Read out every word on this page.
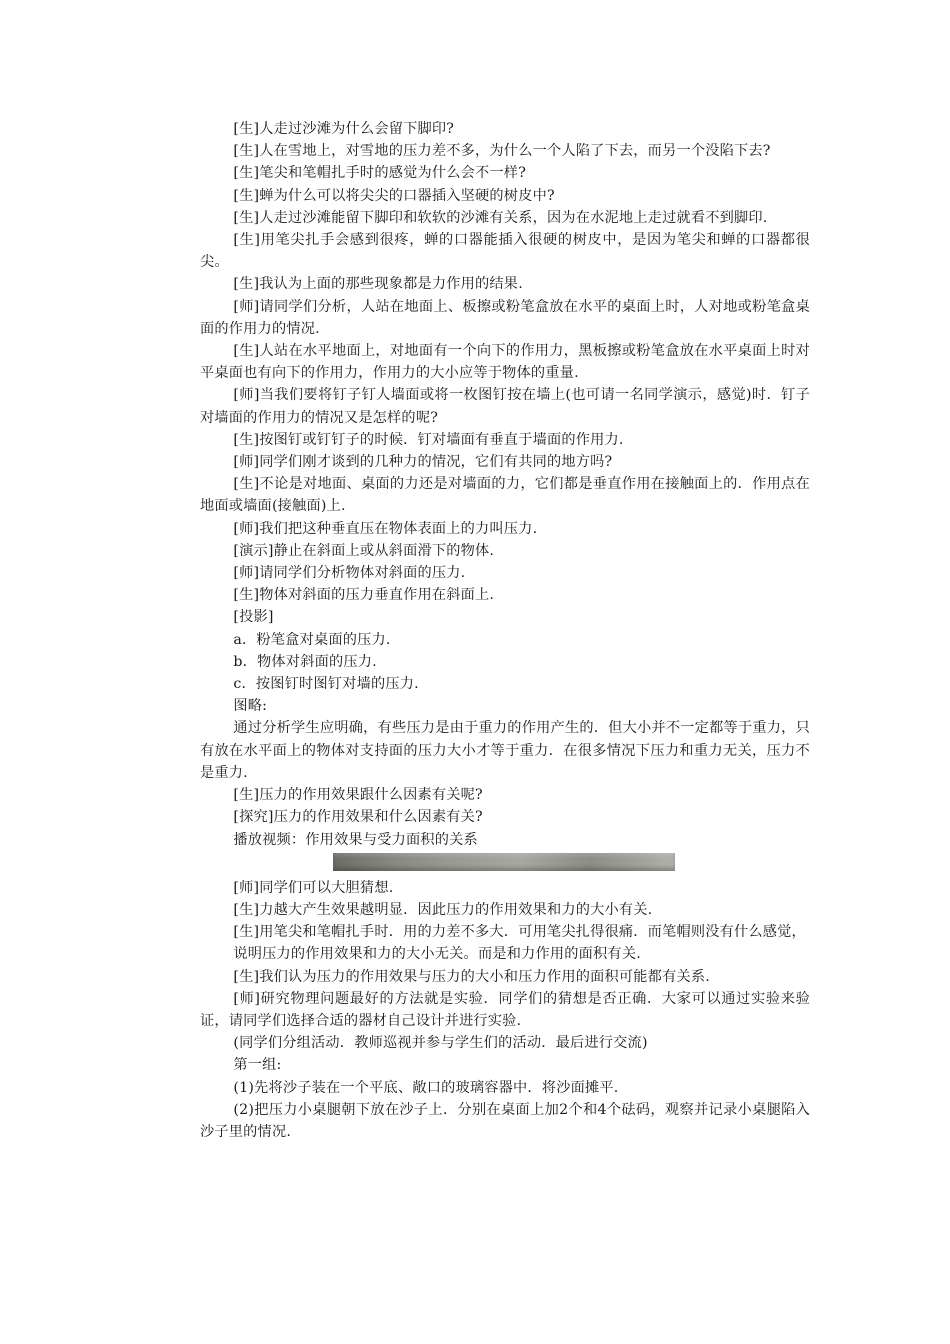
[生]人走过沙滩为什么会留下脚印?

[生]人在雪地上，对雪地的压力差不多，为什么一个人陷了下去，而另一个没陷下去?

[生]笔尖和笔帽扎手时的感觉为什么会不一样?

[生]蝉为什么可以将尖尖的口器插入坚硬的树皮中?

[生]人走过沙滩能留下脚印和软软的沙滩有关系，因为在水泥地上走过就看不到脚印.

[生]用笔尖扎手会感到很疼，蝉的口器能插入很硬的树皮中，是因为笔尖和蝉的口器都很尖。

[生]我认为上面的那些现象都是力作用的结果.

[师]请同学们分析，人站在地面上、板擦或粉笔盒放在水平的桌面上时，人对地或粉笔盒桌面的作用力的情况.

[生]人站在水平地面上，对地面有一个向下的作用力，黑板擦或粉笔盒放在水平桌面上时对平桌面也有向下的作用力，作用力的大小应等于物体的重量.

[师]当我们要将钉子钉人墙面或将一枚图钉按在墙上(也可请一名同学演示，感觉)时．钉子对墙面的作用力的情况又是怎样的呢?

[生]按图钉或钉钉子的时候．钉对墙面有垂直于墙面的作用力.

[师]同学们刚才谈到的几种力的情况，它们有共同的地方吗?

[生]不论是对地面、桌面的力还是对墙面的力，它们都是垂直作用在接触面上的．作用点在地面或墙面(接触面)上.

[师]我们把这种垂直压在物体表面上的力叫压力.

[演示]静止在斜面上或从斜面滑下的物体.

[师]请同学们分析物体对斜面的压力.

[生]物体对斜面的压力垂直作用在斜面上.

[投影]

a．粉笔盒对桌面的压力.

b．物体对斜面的压力.

c．按图钉时图钉对墙的压力.

图略:

通过分析学生应明确，有些压力是由于重力的作用产生的．但大小并不一定都等于重力，只有放在水平面上的物体对支持面的压力大小才等于重力．在很多情况下压力和重力无关，压力不是重力.

[生]压力的作用效果跟什么因素有关呢?

[探究]压力的作用效果和什么因素有关?

播放视频：作用效果与受力面积的关系

[师]同学们可以大胆猜想.

[生]力越大产生效果越明显．因此压力的作用效果和力的大小有关.

[生]用笔尖和笔帽扎手时．用的力差不多大．可用笔尖扎得很痛．而笔帽则没有什么感觉，

说明压力的作用效果和力的大小无关。而是和力作用的面积有关.

[生]我们认为压力的作用效果与压力的大小和压力作用的面积可能都有关系.

[师]研究物理问题最好的方法就是实验．同学们的猜想是否正确．大家可以通过实验来验证，请同学们选择合适的器材自己设计并进行实验.

(同学们分组活动．教师巡视并参与学生们的活动．最后进行交流)

第一组:

(1)先将沙子装在一个平底、敞口的玻璃容器中．将沙面摊平.

(2)把压力小桌腿朝下放在沙子上．分别在桌面上加2个和4个砝码，观察并记录小桌腿陷入沙子里的情况.
